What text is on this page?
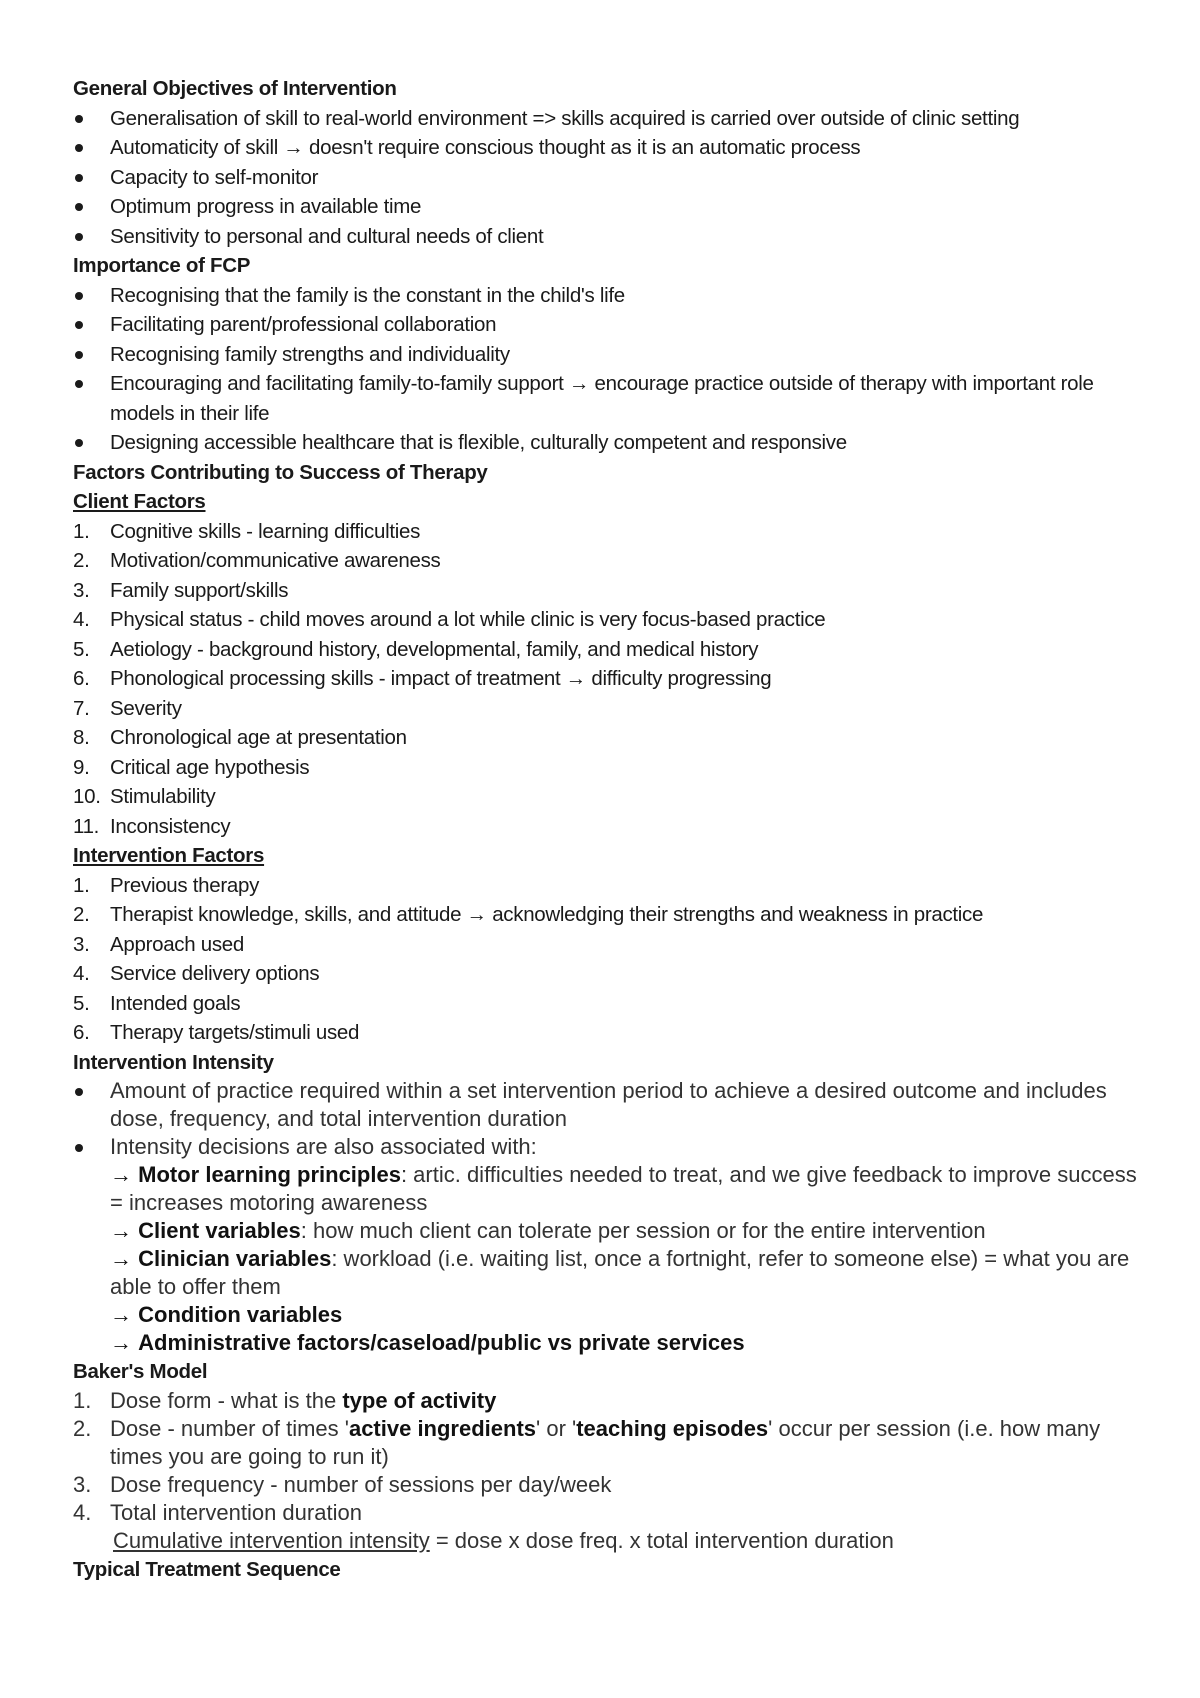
General Objectives of Intervention

Generalisation of skill to real-world environment => skills acquired is carried over outside of clinic setting
Automaticity of skill → doesn't require conscious thought as it is an automatic process
Capacity to self-monitor
Optimum progress in available time
Sensitivity to personal and cultural needs of client

Importance of FCP

Recognising that the family is the constant in the child's life
Facilitating parent/professional collaboration
Recognising family strengths and individuality
Encouraging and facilitating family-to-family support → encourage practice outside of therapy with important role models in their life
Designing accessible healthcare that is flexible, culturally competent and responsive

Factors Contributing to Success of Therapy

Client Factors

1. Cognitive skills - learning difficulties
2. Motivation/communicative awareness
3. Family support/skills
4. Physical status - child moves around a lot while clinic is very focus-based practice
5. Aetiology - background history, developmental, family, and medical history
6. Phonological processing skills - impact of treatment → difficulty progressing
7. Severity
8. Chronological age at presentation
9. Critical age hypothesis
10. Stimulability
11. Inconsistency

Intervention Factors

1. Previous therapy
2. Therapist knowledge, skills, and attitude → acknowledging their strengths and weakness in practice
3. Approach used
4. Service delivery options
5. Intended goals
6. Therapy targets/stimuli used

Intervention Intensity

Amount of practice required within a set intervention period to achieve a desired outcome and includes dose, frequency, and total intervention duration
Intensity decisions are also associated with:
→ Motor learning principles: artic. difficulties needed to treat, and we give feedback to improve success = increases motoring awareness
→ Client variables: how much client can tolerate per session or for the entire intervention
→ Clinician variables: workload (i.e. waiting list, once a fortnight, refer to someone else) = what you are able to offer them
→ Condition variables
→ Administrative factors/caseload/public vs private services

Baker's Model

1. Dose form - what is the type of activity
2. Dose - number of times 'active ingredients' or 'teaching episodes' occur per session (i.e. how many times you are going to run it)
3. Dose frequency - number of sessions per day/week
4. Total intervention duration

Cumulative intervention intensity = dose x dose freq. x total intervention duration

Typical Treatment Sequence
